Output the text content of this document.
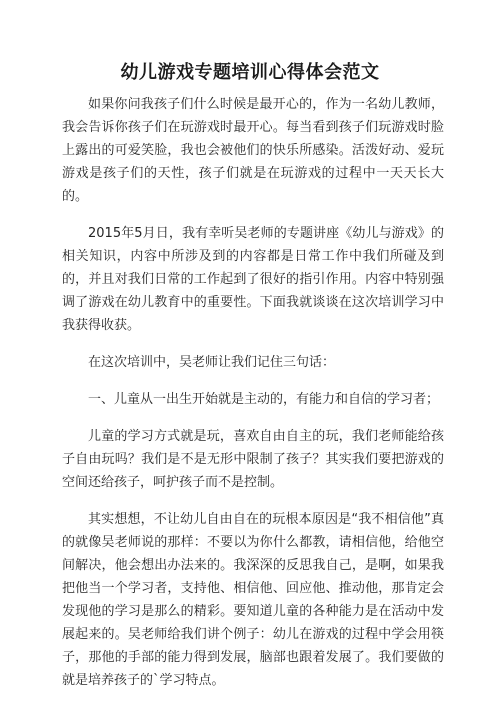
幼儿游戏专题培训心得体会范文

如果你问我孩子们什么时候是最开心的，作为一名幼儿教师，我会告诉你孩子们在玩游戏时最开心。每当看到孩子们玩游戏时脸上露出的可爱笑脸，我也会被他们的快乐所感染。活泼好动、爱玩游戏是孩子们的天性，孩子们就是在玩游戏的过程中一天天长大的。

2015年5月日，我有幸听吴老师的专题讲座《幼儿与游戏》的相关知识，内容中所涉及到的内容都是日常工作中我们所碰及到的，并且对我们日常的工作起到了很好的指引作用。内容中特别强调了游戏在幼儿教育中的重要性。下面我就谈谈在这次培训学习中我获得收获。

在这次培训中，吴老师让我们记住三句话：

一、儿童从一出生开始就是主动的，有能力和自信的学习者；

儿童的学习方式就是玩，喜欢自由自主的玩，我们老师能给孩子自由玩吗？我们是不是无形中限制了孩子？其实我们要把游戏的空间还给孩子，呵护孩子而不是控制。

其实想想，不让幼儿自由自在的玩根本原因是“我不相信他”真的就像吴老师说的那样：不要以为你什么都教，请相信他，给他空间解决，他会想出办法来的。我深深的反思我自己，是啊，如果我把他当一个学习者，支持他、相信他、回应他、推动他，那肯定会发现他的学习是那么的精彩。要知道儿童的各种能力是在活动中发展起来的。吴老师给我们讲个例子：幼儿在游戏的过程中学会用筷子，那他的手部的能力得到发展，脑部也跟着发展了。我们要做的就是培养孩子的`学习特点。
